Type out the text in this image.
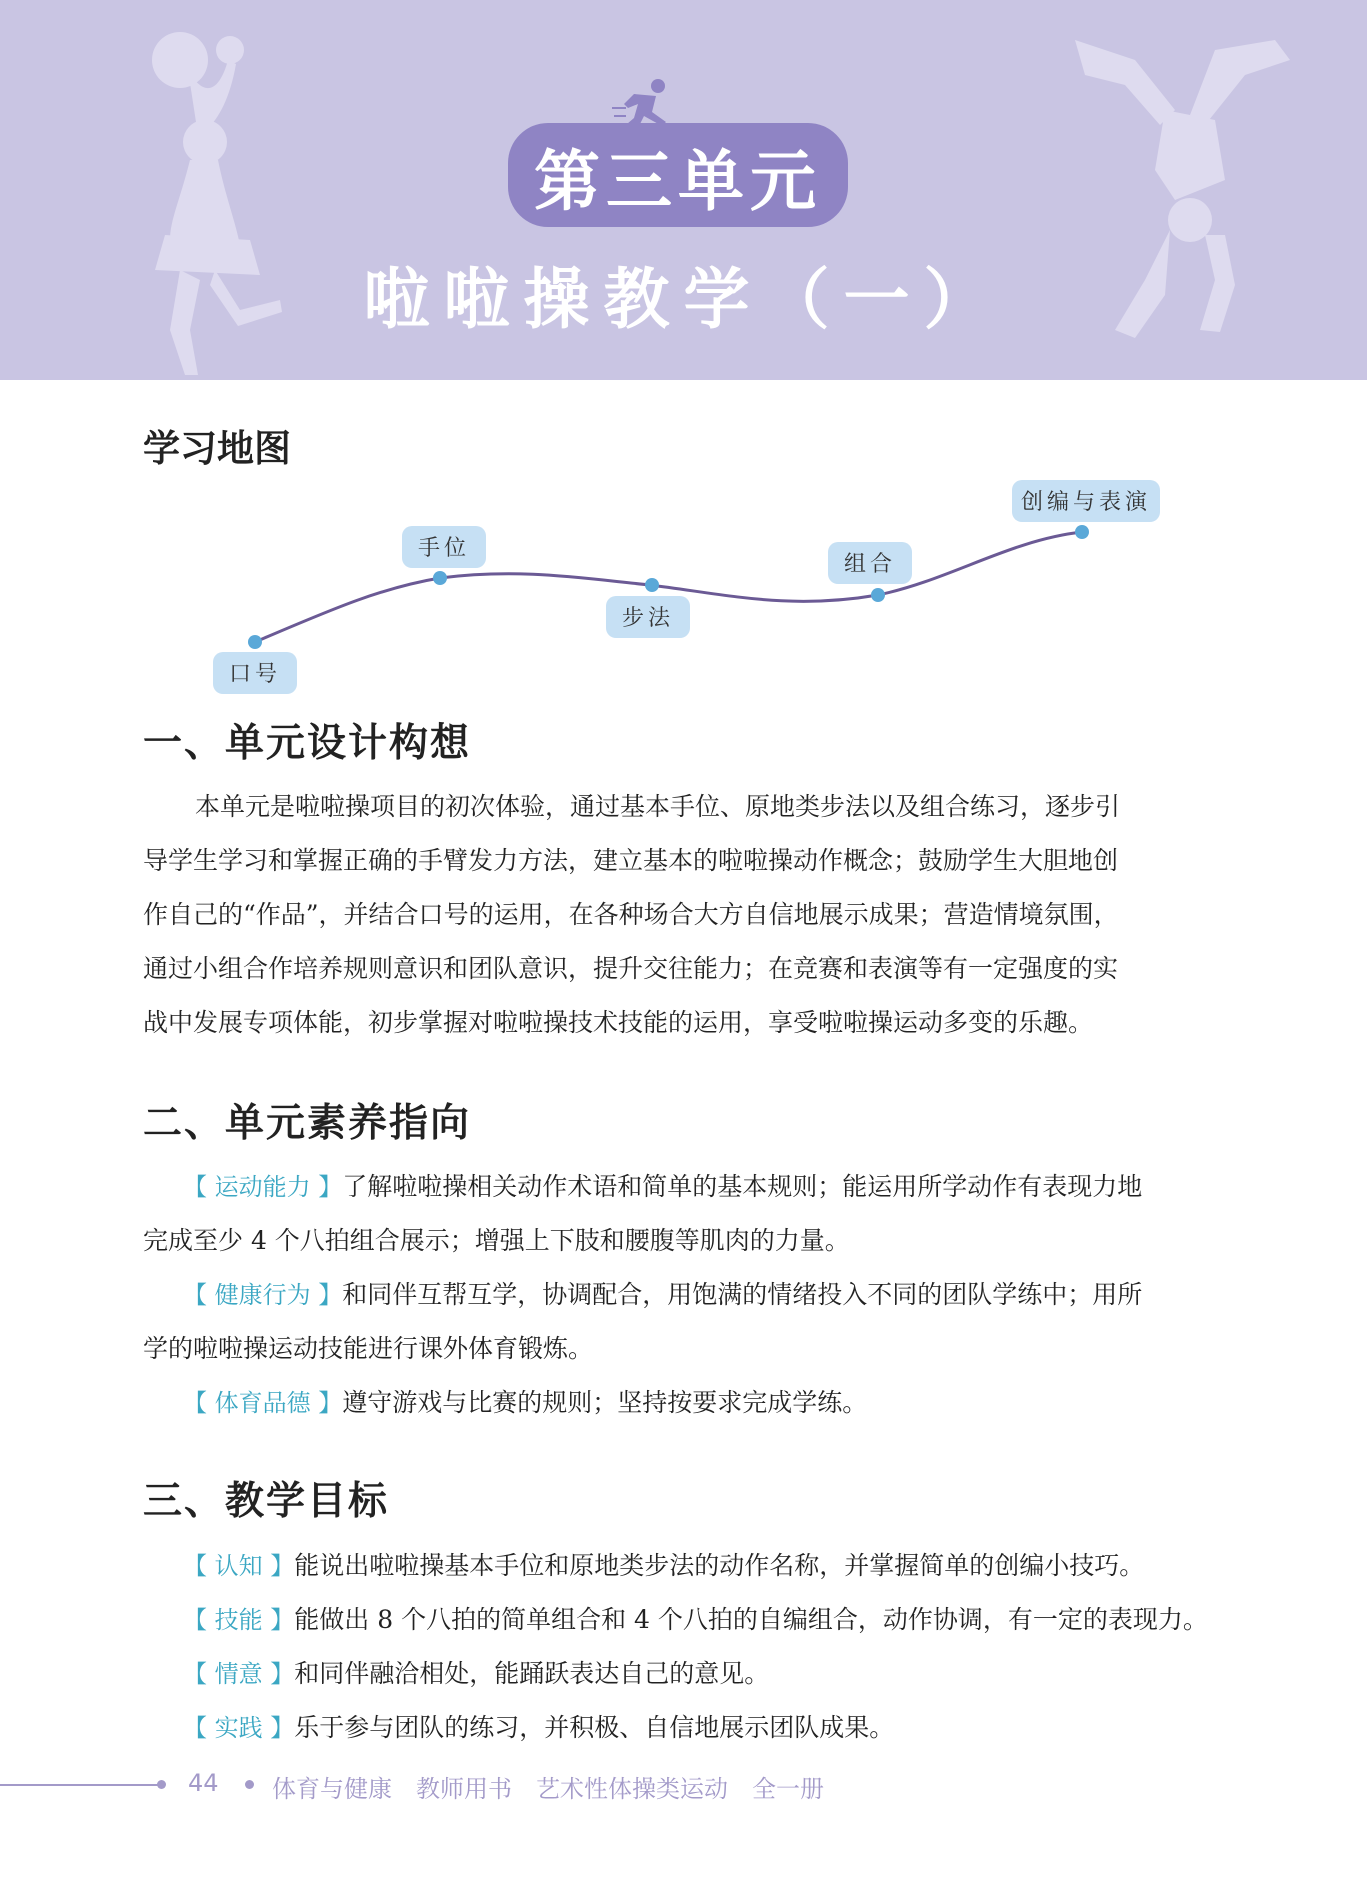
第三单元
啦啦操教学（一）
学习地图
口号
手位
步法
组合
创编与表演
一、单元设计构想
本单元是啦啦操项目的初次体验，通过基本手位、原地类步法以及组合练习，逐步引
导学生学习和掌握正确的手臂发力方法，建立基本的啦啦操动作概念；鼓励学生大胆地创
作自己的“作品”，并结合口号的运用，在各种场合大方自信地展示成果；营造情境氛围，
通过小组合作培养规则意识和团队意识，提升交往能力；在竞赛和表演等有一定强度的实
战中发展专项体能，初步掌握对啦啦操技术技能的运用，享受啦啦操运动多变的乐趣。
二、单元素养指向
【 运动能力 】了解啦啦操相关动作术语和简单的基本规则；能运用所学动作有表现力地
完成至少 4 个八拍组合展示；增强上下肢和腰腹等肌肉的力量。
【 健康行为 】和同伴互帮互学，协调配合，用饱满的情绪投入不同的团队学练中；用所
学的啦啦操运动技能进行课外体育锻炼。
【 体育品德 】遵守游戏与比赛的规则；坚持按要求完成学练。
三、教学目标
【 认知 】能说出啦啦操基本手位和原地类步法的动作名称，并掌握简单的创编小技巧。
【 技能 】能做出 8 个八拍的简单组合和 4 个八拍的自编组合，动作协调，有一定的表现力。
【 情意 】和同伴融洽相处，能踊跃表达自己的意见。
【 实践 】乐于参与团队的练习，并积极、自信地展示团队成果。
44 体育与健康　教师用书　艺术性体操类运动　全一册
